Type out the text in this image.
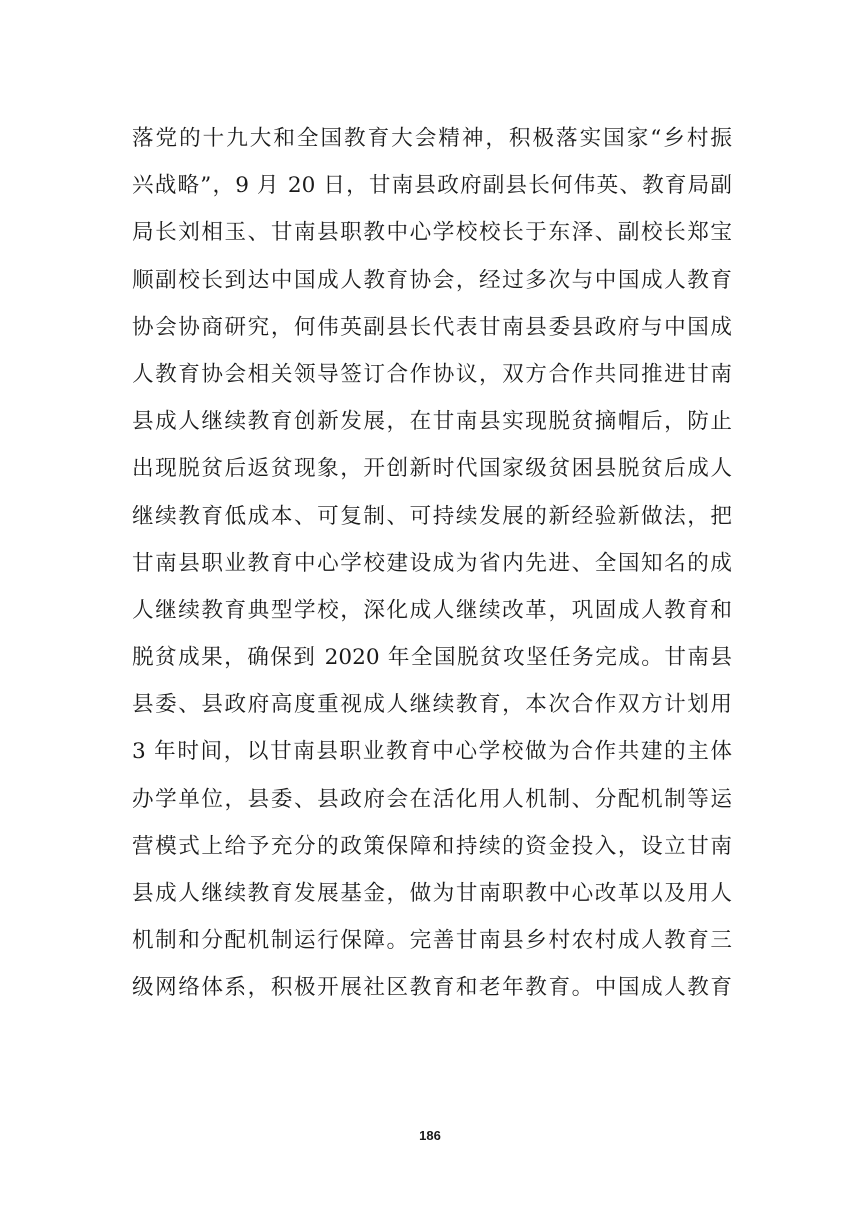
落党的十九大和全国教育大会精神，积极落实国家“乡村振
兴战略”，9 月 20 日，甘南县政府副县长何伟英、教育局副
局长刘相玉、甘南县职教中心学校校长于东泽、副校长郑宝
顺副校长到达中国成人教育协会，经过多次与中国成人教育
协会协商研究，何伟英副县长代表甘南县委县政府与中国成
人教育协会相关领导签订合作协议，双方合作共同推进甘南
县成人继续教育创新发展，在甘南县实现脱贫摘帽后，防止
出现脱贫后返贫现象，开创新时代国家级贫困县脱贫后成人
继续教育低成本、可复制、可持续发展的新经验新做法，把
甘南县职业教育中心学校建设成为省内先进、全国知名的成
人继续教育典型学校，深化成人继续改革，巩固成人教育和
脱贫成果，确保到 2020 年全国脱贫攻坚任务完成。甘南县
县委、县政府高度重视成人继续教育，本次合作双方计划用
3 年时间，以甘南县职业教育中心学校做为合作共建的主体
办学单位，县委、县政府会在活化用人机制、分配机制等运
营模式上给予充分的政策保障和持续的资金投入，设立甘南
县成人继续教育发展基金，做为甘南职教中心改革以及用人
机制和分配机制运行保障。完善甘南县乡村农村成人教育三
级网络体系，积极开展社区教育和老年教育。中国成人教育
186
